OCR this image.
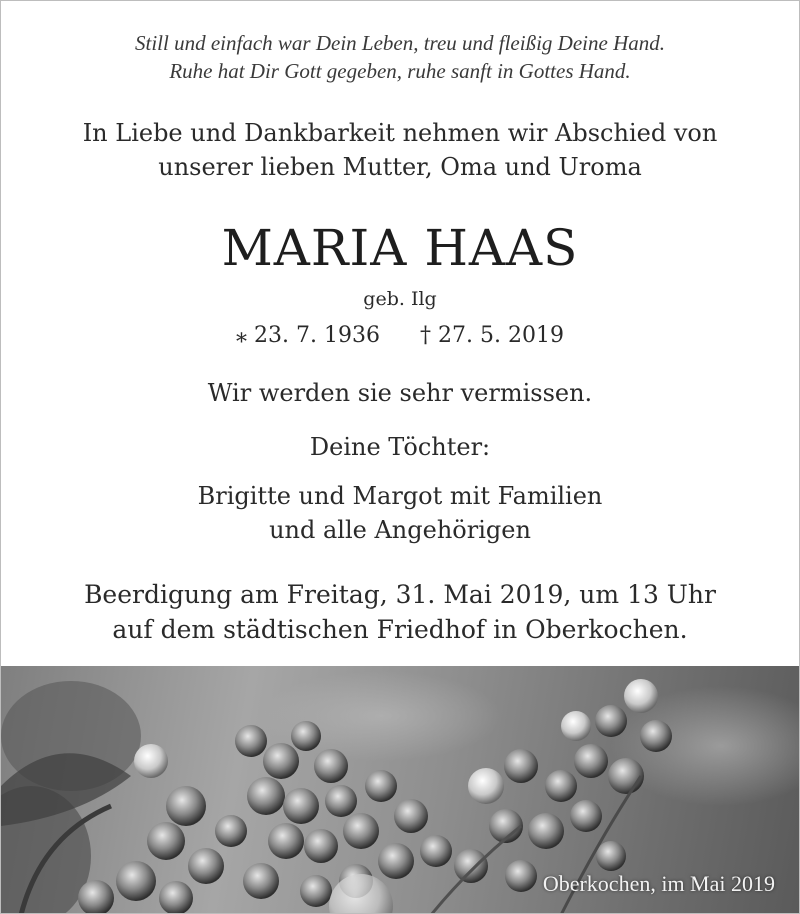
Still und einfach war Dein Leben, treu und fleißig Deine Hand.
Ruhe hat Dir Gott gegeben, ruhe sanft in Gottes Hand.
In Liebe und Dankbarkeit nehmen wir Abschied von
unserer lieben Mutter, Oma und Uroma
MARIA HAAS
geb. Ilg
⁎ 23. 7. 1936 † 27. 5. 2019
Wir werden sie sehr vermissen.
Deine Töchter:
Brigitte und Margot mit Familien
und alle Angehörigen
Beerdigung am Freitag, 31. Mai 2019, um 13 Uhr
auf dem städtischen Friedhof in Oberkochen.
Oberkochen, im Mai 2019
